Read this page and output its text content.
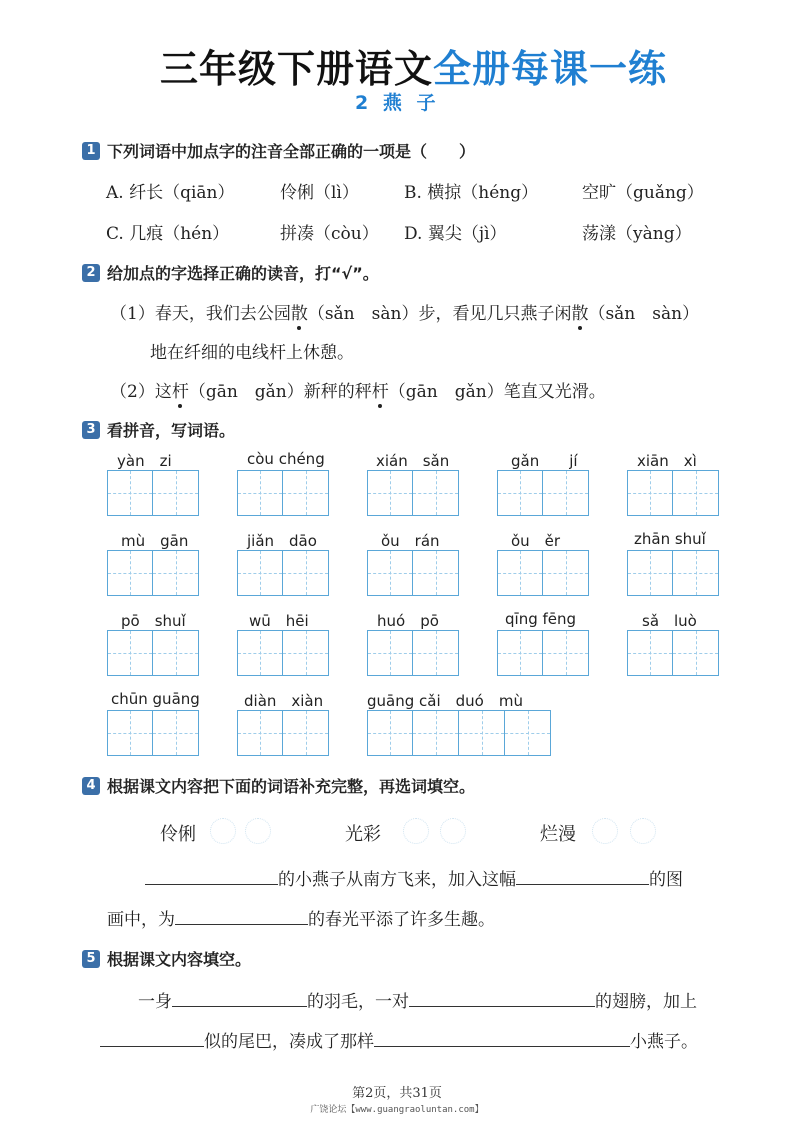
三年级下册语文全册每课一练
2 燕 子
1 下列词语中加点字的注音全部正确的一项是（　　）
A. 纤长（qiān）	伶俐（lì）	B. 横掠（héng）	空旷（guǎng）
C. 几痕（hén）	拼凑（còu） D. 翼尖（jì）	荡漾（yàng）
2 给加点的字选择正确的读音，打“√”。
（1）春天，我们去公园散（sǎn　sàn）步，看见几只燕子闲散（sǎn　sàn）
地在纤细的电线杆上休憩。
（2）这杆（gān　gǎn）新秤的秤杆（gān　gǎn）笔直又光滑。
3 看拼音，写词语。
yàn　zi	còu chéng	xián　sǎn	gǎn　　jí	xiān　xì
mù　gān	jiǎn　dāo	ǒu　rán	ǒu　ěr	zhān shuǐ
pō　shuǐ	wū　hēi	huó　pō	qīng fēng	sǎ　luò
chūn guāng	diàn　xiàn	guāng cǎi　duó　mù
4 根据课文内容把下面的词语补充完整，再选词填空。
伶俐	光彩	烂漫
的小燕子从南方飞来，加入这幅	的图
画中，为	的春光平添了许多生趣。
5 根据课文内容填空。
一身	的羽毛，一对	的翅膀，加上
似的尾巴，凑成了那样	小燕子。
第2页，共31页
广饶论坛【www.guangraoluntan.com】
